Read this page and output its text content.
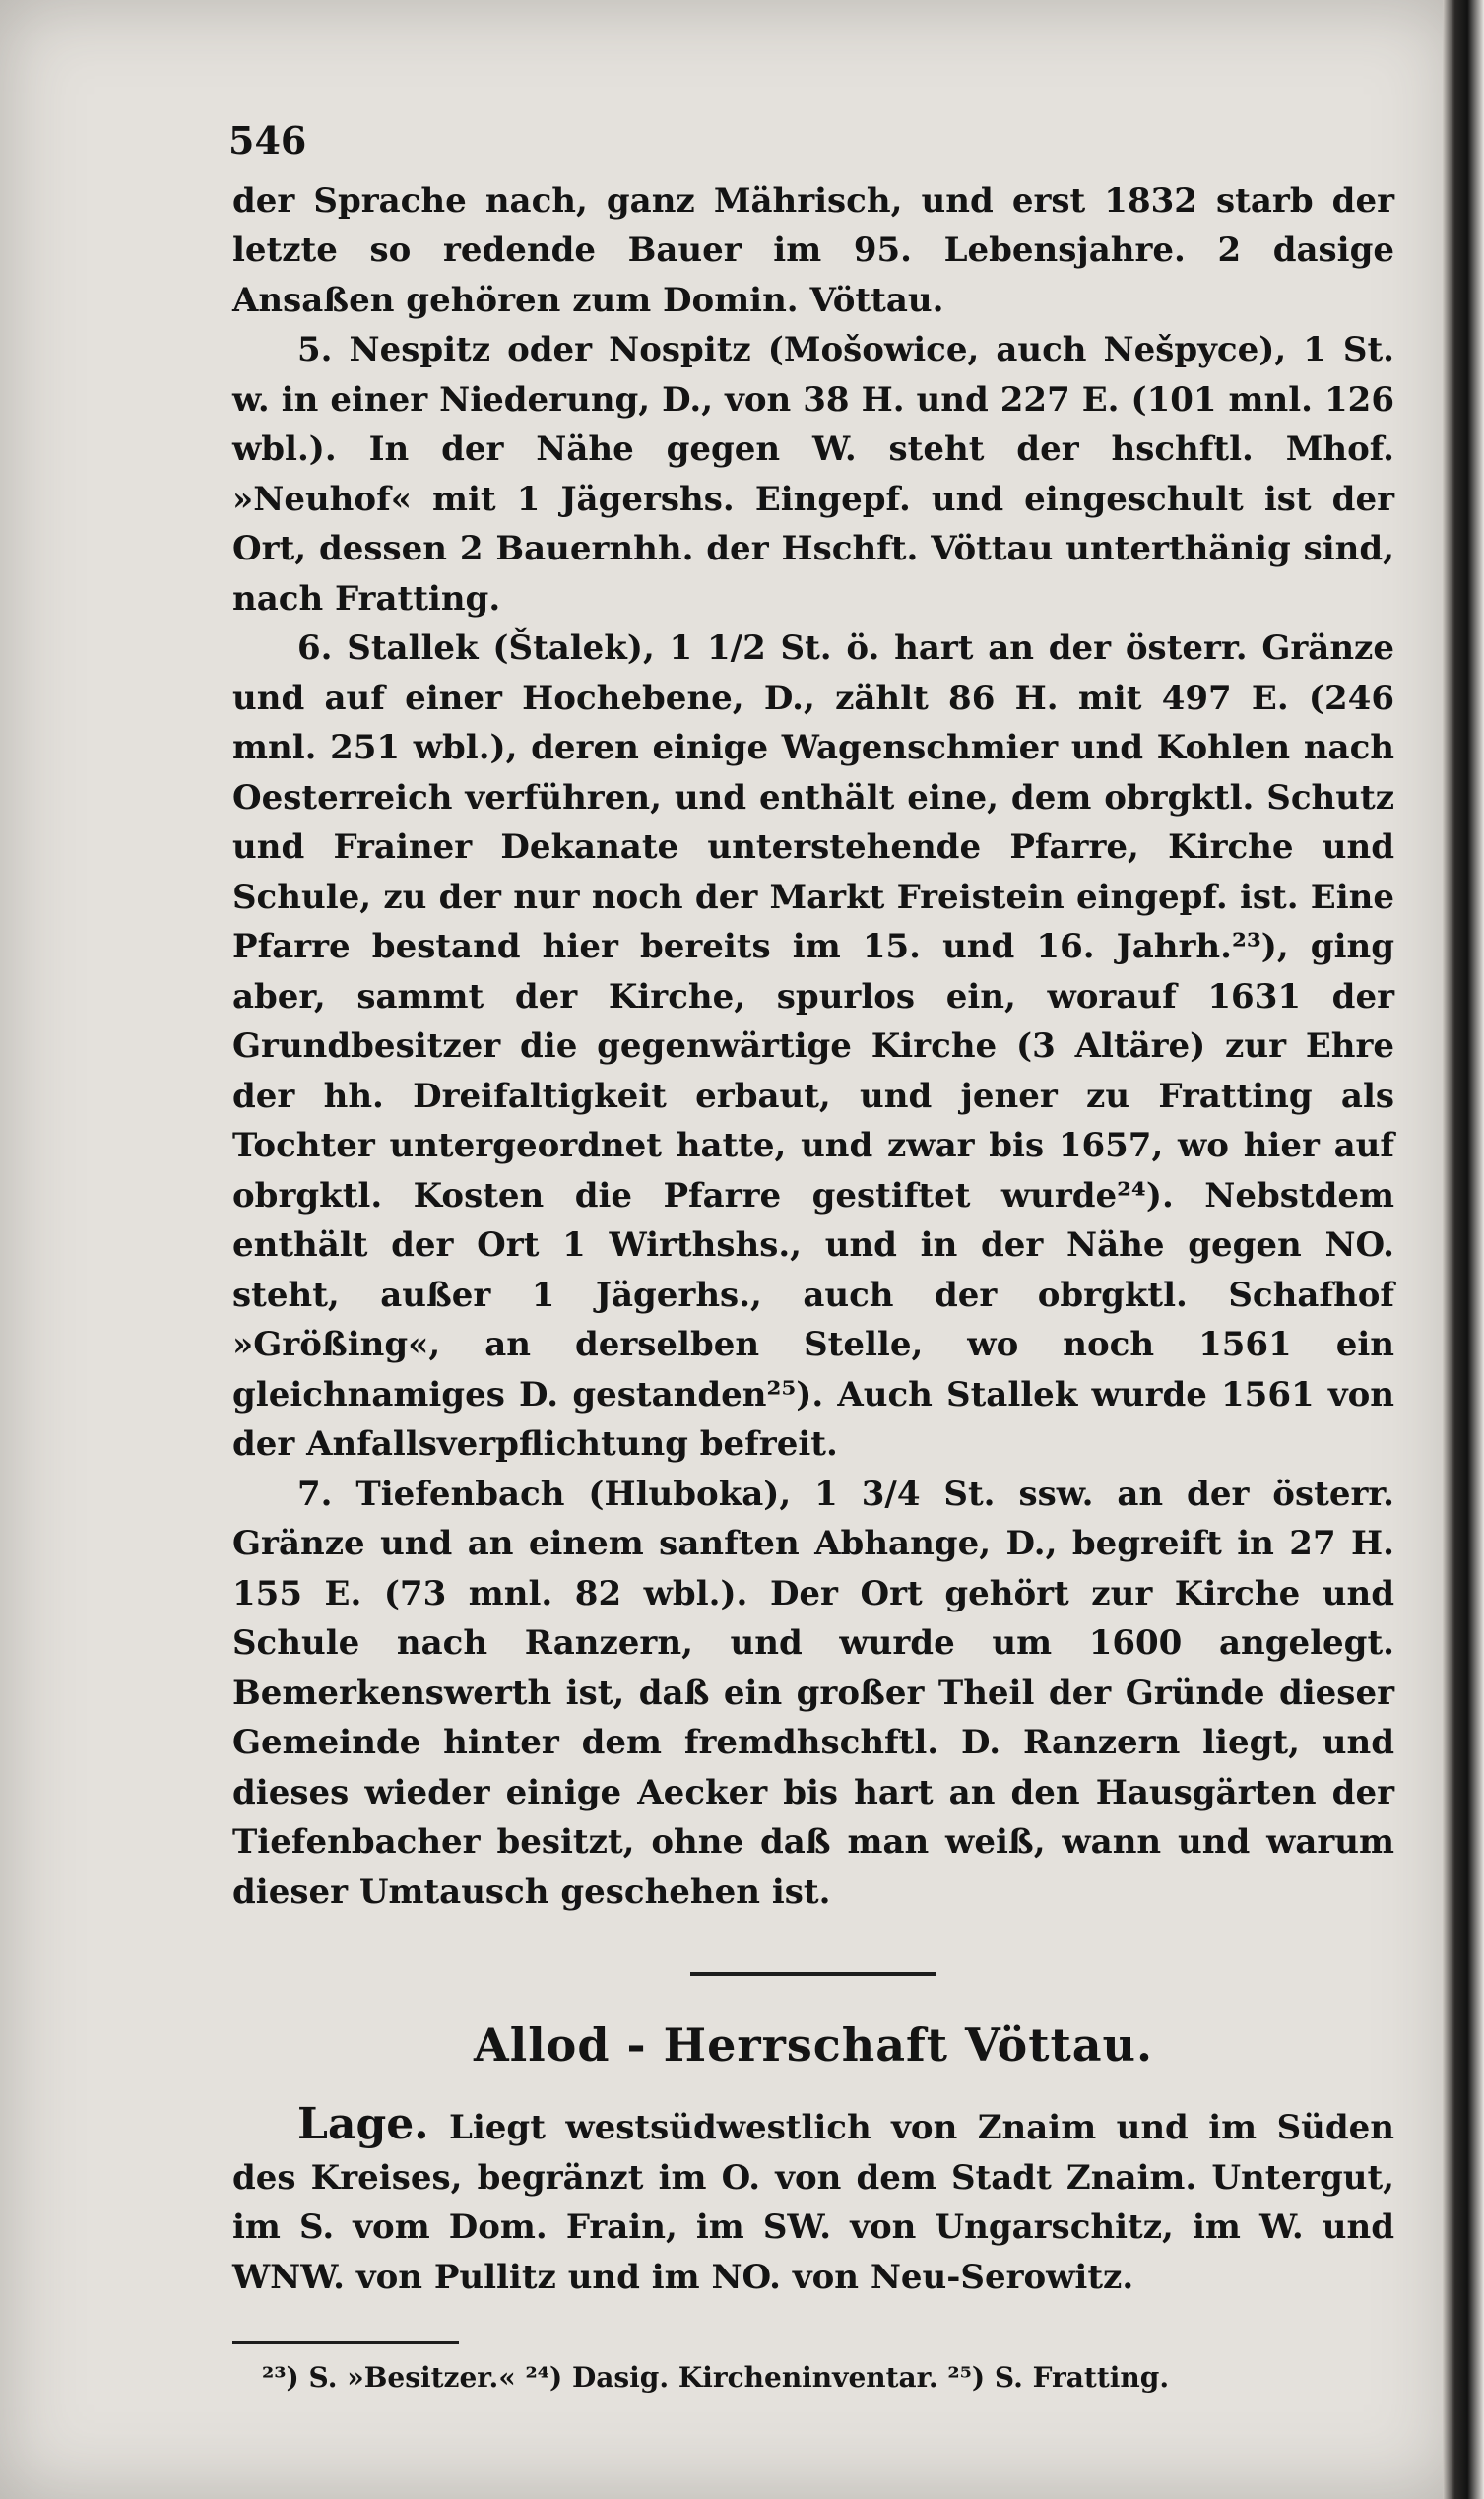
546

der Sprache nach, ganz Mährisch, und erst 1832 starb der letzte so redende Bauer im 95. Lebensjahre. 2 dasige Ansaßen gehören zum Domin. Vöttau.

5. Nespitz oder Nospitz (Mošowice, auch Nešpyce), 1 St. w. in einer Niederung, D., von 38 H. und 227 E. (101 mnl. 126 wbl.). In der Nähe gegen W. steht der hschftl. Mhof. »Neuhof« mit 1 Jägershs. Eingepf. und eingeschult ist der Ort, dessen 2 Bauernhh. der Hschft. Vöttau unterthänig sind, nach Fratting.

6. Stallek (Štalek), 1 1/2 St. ö. hart an der österr. Gränze und auf einer Hochebene, D., zählt 86 H. mit 497 E. (246 mnl. 251 wbl.), deren einige Wagenschmier und Kohlen nach Oesterreich verführen, und enthält eine, dem obrgktl. Schutz und Frainer Dekanate unterstehende Pfarre, Kirche und Schule, zu der nur noch der Markt Freistein eingepf. ist. Eine Pfarre bestand hier bereits im 15. und 16. Jahrh.²³), ging aber, sammt der Kirche, spurlos ein, worauf 1631 der Grundbesitzer die gegenwärtige Kirche (3 Altäre) zur Ehre der hh. Dreifaltigkeit erbaut, und jener zu Fratting als Tochter untergeordnet hatte, und zwar bis 1657, wo hier auf obrgktl. Kosten die Pfarre gestiftet wurde²⁴). Nebstdem enthält der Ort 1 Wirthshs., und in der Nähe gegen NO. steht, außer 1 Jägerhs., auch der obrgktl. Schafhof »Größing«, an derselben Stelle, wo noch 1561 ein gleichnamiges D. gestanden²⁵). Auch Stallek wurde 1561 von der Anfallsverpflichtung befreit.

7. Tiefenbach (Hluboka), 1 3/4 St. ssw. an der österr. Gränze und an einem sanften Abhange, D., begreift in 27 H. 155 E. (73 mnl. 82 wbl.). Der Ort gehört zur Kirche und Schule nach Ranzern, und wurde um 1600 angelegt. Bemerkenswerth ist, daß ein großer Theil der Gründe dieser Gemeinde hinter dem fremdhschftl. D. Ranzern liegt, und dieses wieder einige Aecker bis hart an den Hausgärten der Tiefenbacher besitzt, ohne daß man weiß, wann und warum dieser Umtausch geschehen ist.

Allod - Herrschaft Vöttau.

Lage. Liegt westsüdwestlich von Znaim und im Süden des Kreises, begränzt im O. von dem Stadt Znaim. Untergut, im S. vom Dom. Frain, im SW. von Ungarschitz, im W. und WNW. von Pullitz und im NO. von Neu-Serowitz.

²³) S. »Besitzer.« ²⁴) Dasig. Kircheninventar. ²⁵) S. Fratting.
